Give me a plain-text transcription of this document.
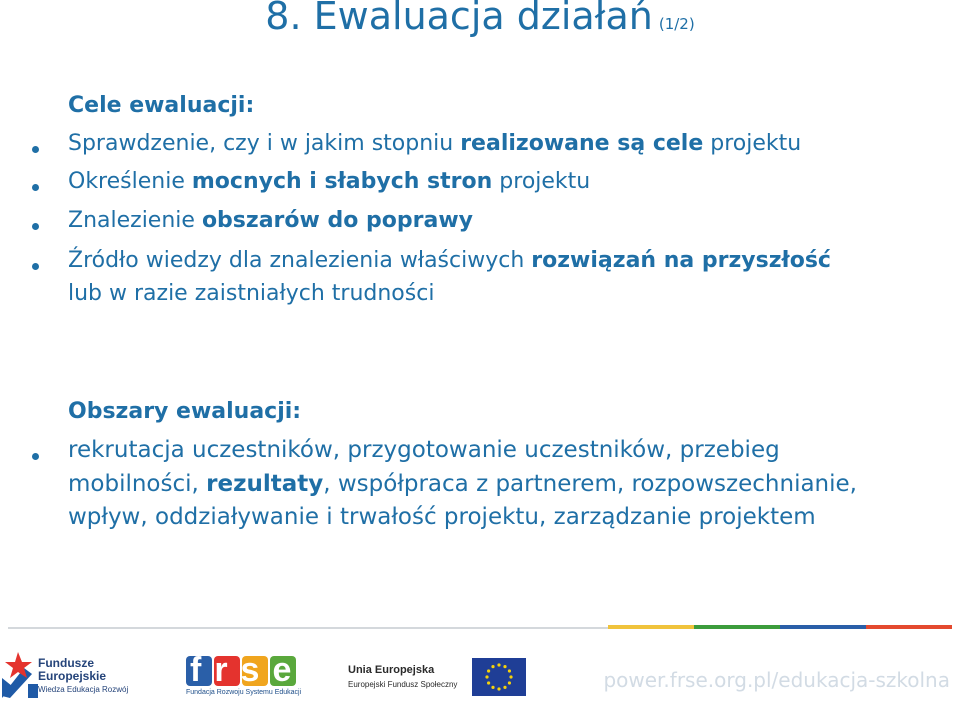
8. Ewaluacja działań (1/2)
Cele ewaluacji:
Sprawdzenie, czy i w jakim stopniu realizowane są cele projektu
Określenie mocnych i słabych stron projektu
Znalezienie obszarów do poprawy
Źródło wiedzy dla znalezienia właściwych rozwiązań na przyszłość
lub w razie zaistniałych trudności
Obszary ewaluacji:
rekrutacja uczestników, przygotowanie uczestników, przebieg
mobilności, rezultaty, współpraca z partnerem, rozpowszechnianie,
wpływ, oddziaływanie i trwałość projektu, zarządzanie projektem
Fundusze
Europejskie
Wiedza Edukacja Rozwój
frse
Fundacja Rozwoju Systemu Edukacji
Unia Europejska
Europejski Fundusz Społeczny	power.frse.org.pl/edukacja-szkolna
